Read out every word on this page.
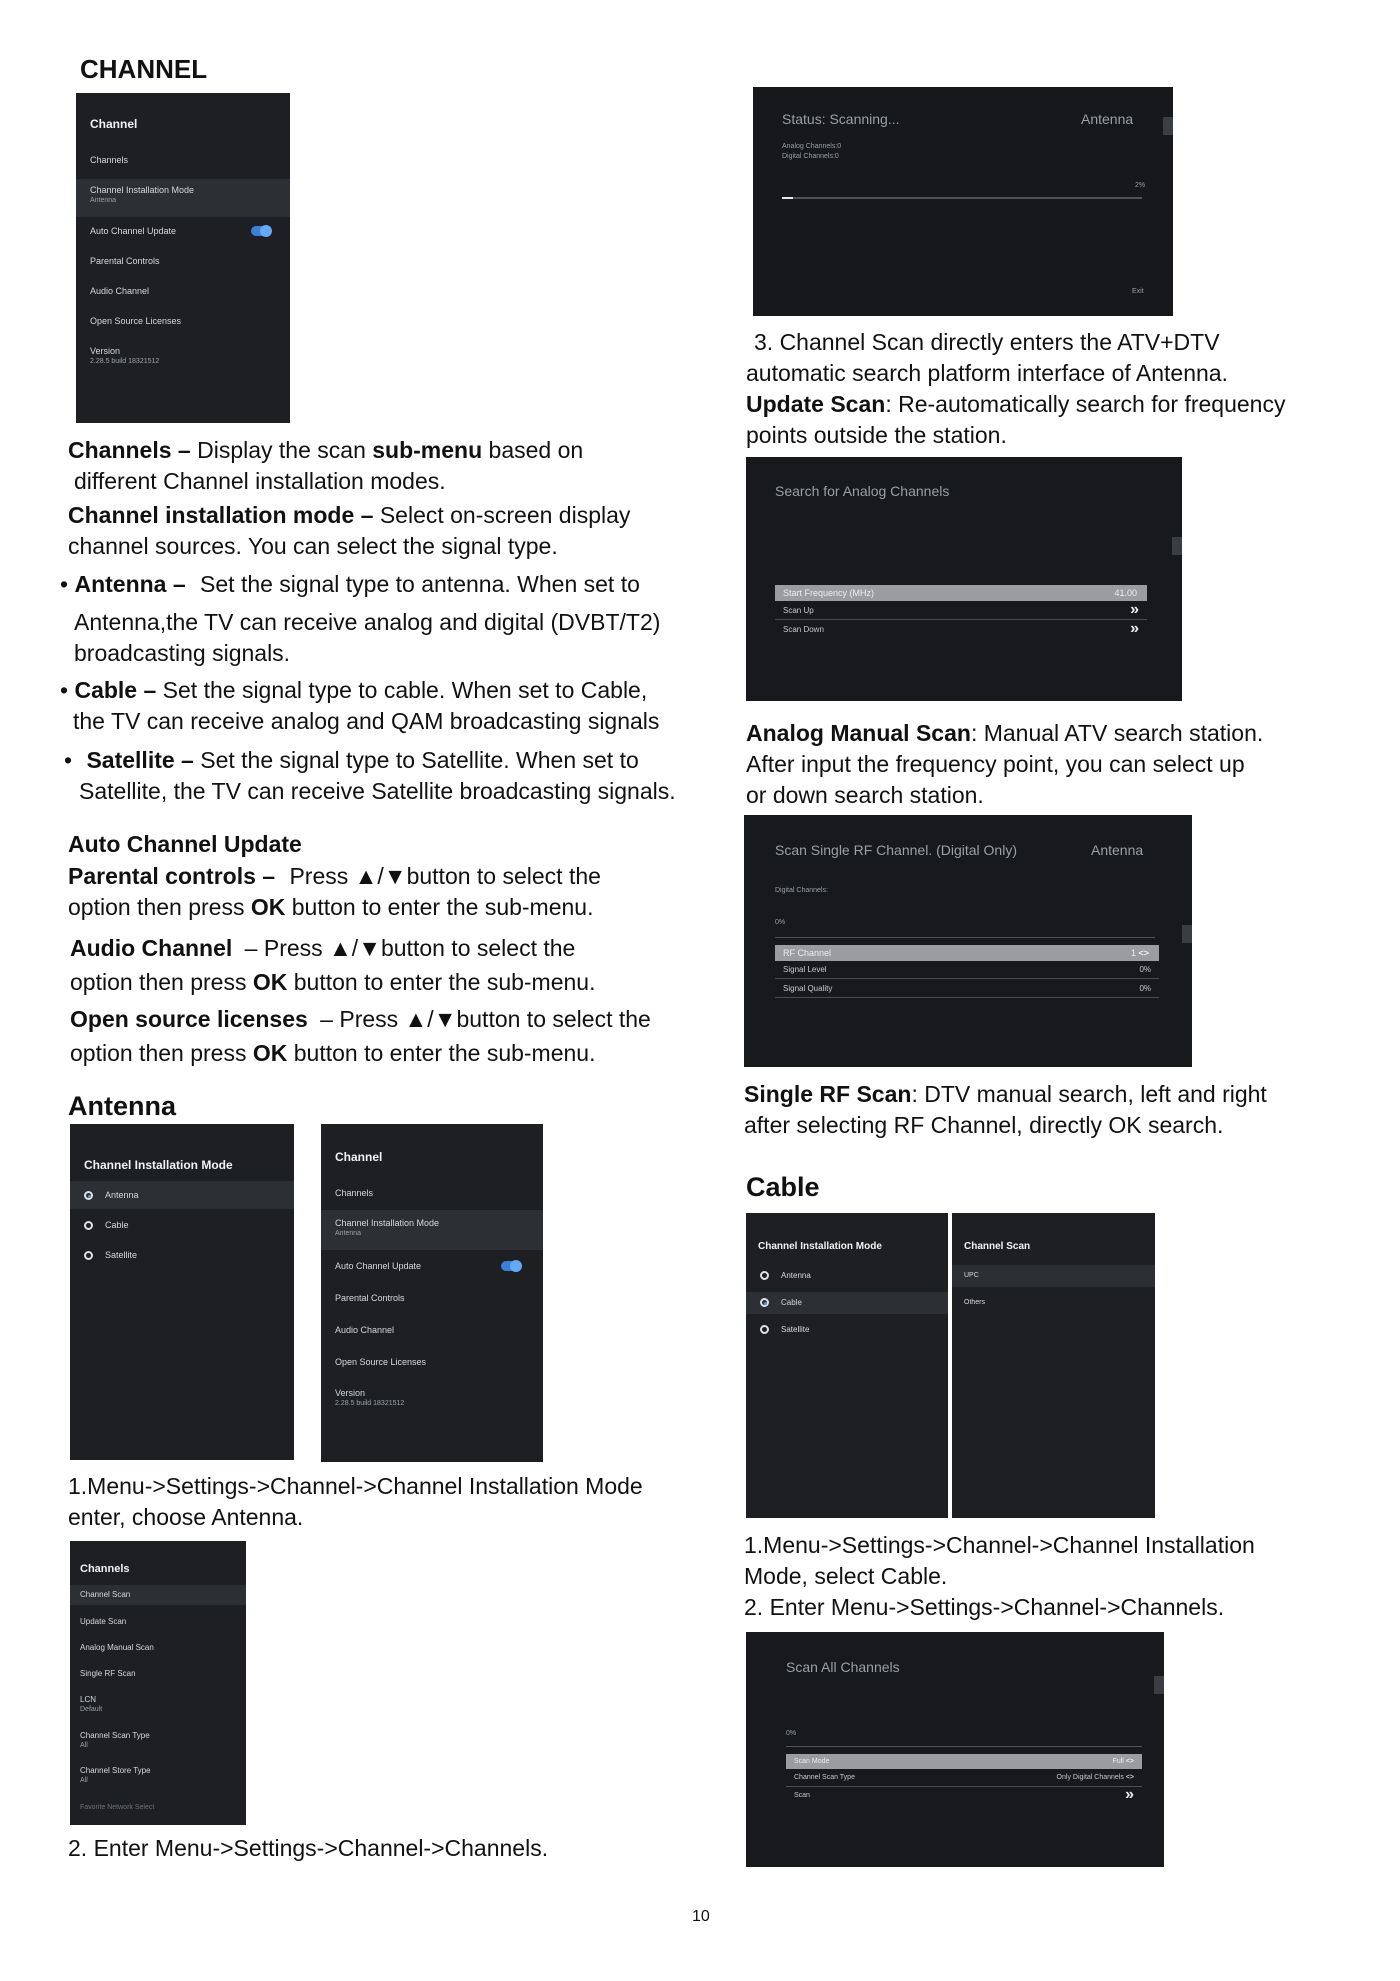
CHANNEL
Channel
Channels
Channel Installation Mode
Antenna
Auto Channel Update
Parental Controls
Audio Channel
Open Source Licenses
Version
2.28.5 build 18321512
Channels – Display the scan sub-menu based on
different Channel installation modes.
Channel installation mode – Select on-screen display
channel sources. You can select the signal type.
• Antenna – Set the signal type to antenna. When set to
Antenna,the TV can receive analog and digital (DVBT/T2)
broadcasting signals.
• Cable – Set the signal type to cable. When set to Cable,
the TV can receive analog and QAM broadcasting signals
• Satellite – Set the signal type to Satellite. When set to
Satellite, the TV can receive Satellite broadcasting signals.
Auto Channel Update
Parental controls – Press ▲/▼button to select the
option then press OK button to enter the sub-menu.
Audio Channel – Press ▲/▼button to select the
option then press OK button to enter the sub-menu.
Open source licenses – Press ▲/▼button to select the
option then press OK button to enter the sub-menu.
Antenna
Channel Installation Mode
Antenna
Cable
Satellite
Channel
Channels
Channel Installation Mode
Antenna
Auto Channel Update
Parental Controls
Audio Channel
Open Source Licenses
Version
2.28.5 build 18321512
1.Menu->Settings->Channel->Channel Installation Mode
enter, choose Antenna.
Channels
Channel Scan
Update Scan
Analog Manual Scan
Single RF Scan
LCN
Default
Channel Scan Type
All
Channel Store Type
All
Favorite Network Select
2. Enter Menu->Settings->Channel->Channels.
Status: Scanning...	Antenna
Analog Channels:0
Digital Channels:0
2%
Exit
3. Channel Scan directly enters the ATV+DTV
automatic search platform interface of Antenna.
Update Scan: Re-automatically search for frequency
points outside the station.
Search for Analog Channels
Start Frequency (MHz)	41.00
Scan Up	»
Scan Down	»
Analog Manual Scan: Manual ATV search station.
After input the frequency point, you can select up
or down search station.
Scan Single RF Channel. (Digital Only)	Antenna
Digital Channels:
0%
RF Channel	1 <>
Signal Level	0%
Signal Quality	0%
Single RF Scan: DTV manual search, left and right
after selecting RF Channel, directly OK search.
Cable
Channel Installation Mode
Antenna
Cable
Satellite
Channel Scan
UPC
Others
1.Menu->Settings->Channel->Channel Installation
Mode, select Cable.
2. Enter Menu->Settings->Channel->Channels.
Scan All Channels
0%
Scan Mode	Full <>
Channel Scan Type	Only Digital Channels <>
Scan	»
10
